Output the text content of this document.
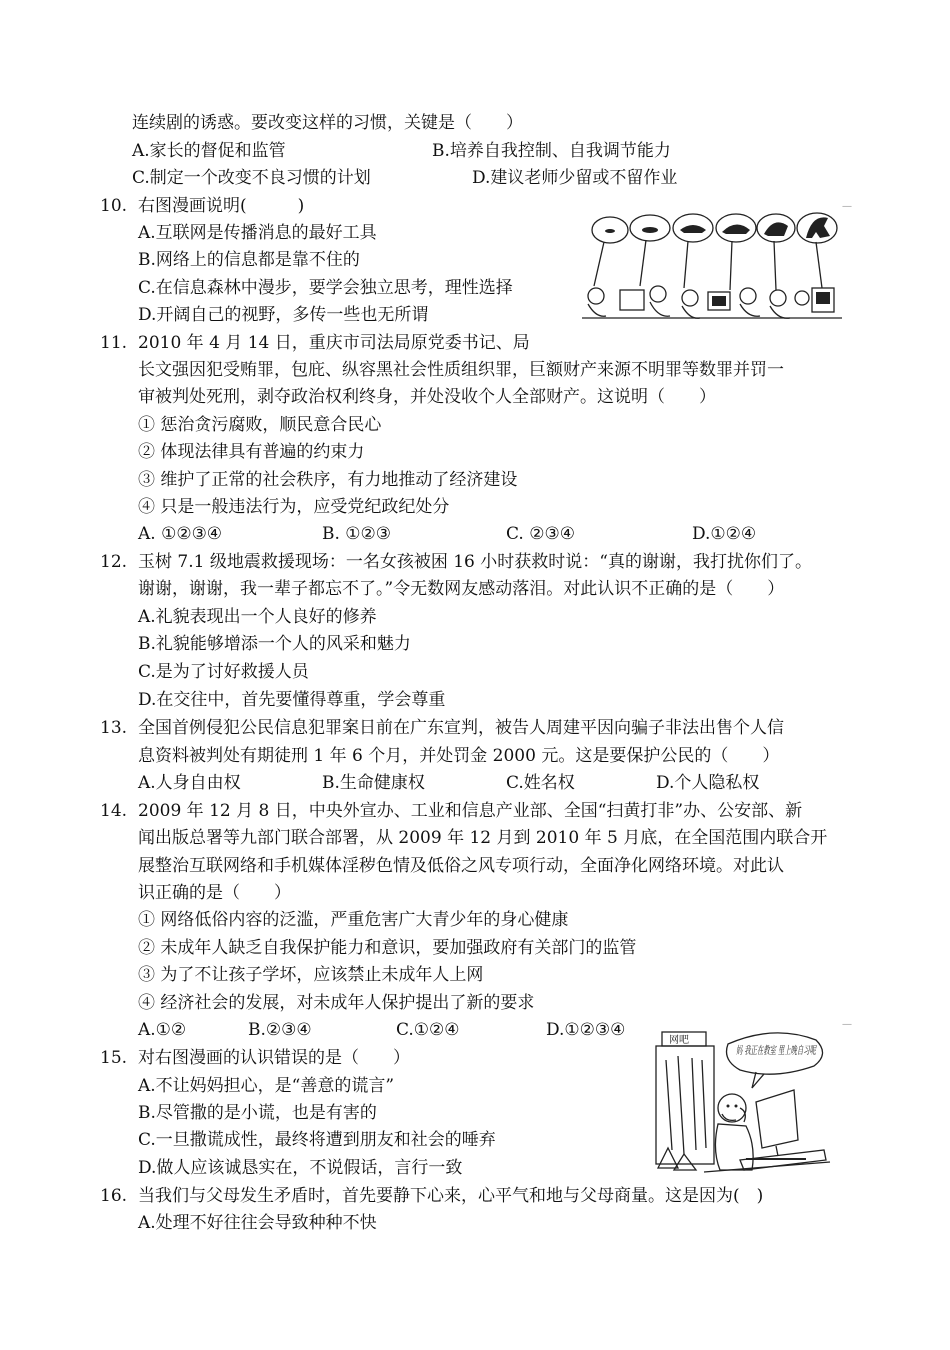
连续剧的诱惑。要改变这样的习惯，关键是（　　）
A.家长的督促和监管	B.培养自我控制、自我调节能力
C.制定一个改变不良习惯的计划	D.建议老师少留或不留作业
10. 右图漫画说明(　　　)
A.互联网是传播消息的最好工具
B.网络上的信息都是靠不住的
C.在信息森林中漫步，要学会独立思考，理性选择
D.开阔自己的视野，多传一些也无所谓
—
11. 2010 年 4 月 14 日，重庆市司法局原党委书记、局
长文强因犯受贿罪，包庇、纵容黑社会性质组织罪，巨额财产来源不明罪等数罪并罚一
审被判处死刑，剥夺政治权利终身，并处没收个人全部财产。这说明（　　）
① 惩治贪污腐败，顺民意合民心
② 体现法律具有普遍的约束力
③ 维护了正常的社会秩序，有力地推动了经济建设
④ 只是一般违法行为，应受党纪政纪处分
A. ①②③④	B. ①②③	C. ②③④	D.①②④
12. 玉树 7.1 级地震救援现场：一名女孩被困 16 小时获救时说：“真的谢谢，我打扰你们了。
谢谢，谢谢，我一辈子都忘不了。”令无数网友感动落泪。对此认识不正确的是（　　）
A.礼貌表现出一个人良好的修养
B.礼貌能够增添一个人的风采和魅力
C.是为了讨好救援人员
D.在交往中，首先要懂得尊重，学会尊重
13. 全国首例侵犯公民信息犯罪案日前在广东宣判，被告人周建平因向骗子非法出售个人信
息资料被判处有期徒刑 1 年 6 个月，并处罚金 2000 元。这是要保护公民的（　　）
A.人身自由权	B.生命健康权	C.姓名权	D.个人隐私权
14. 2009 年 12 月 8 日，中央外宣办、工业和信息产业部、全国“扫黄打非”办、公安部、新
闻出版总署等九部门联合部署，从 2009 年 12 月到 2010 年 5 月底，在全国范围内联合开
展整治互联网络和手机媒体淫秽色情及低俗之风专项行动，全面净化网络环境。对此认
识正确的是（　　）
① 网络低俗内容的泛滥，严重危害广大青少年的身心健康
② 未成年人缺乏自我保护能力和意识，要加强政府有关部门的监管
③ 为了不让孩子学坏，应该禁止未成年人上网
④ 经济社会的发展，对未成年人保护提出了新的要求
A.①②	B.②③④	C.①②④	D.①②③④
15. 对右图漫画的认识错误的是（　　）
A.不让妈妈担心，是“善意的谎言”
B.尽管撒的是小谎，也是有害的
C.一旦撒谎成性，最终将遭到朋友和社会的唾弃
D.做人应该诚恳实在，不说假话，言行一致
—
网吧
妈 我正在教室 里上晚自习呢
16. 当我们与父母发生矛盾时，首先要静下心来，心平气和地与父母商量。这是因为(　)
A.处理不好往往会导致种种不快
